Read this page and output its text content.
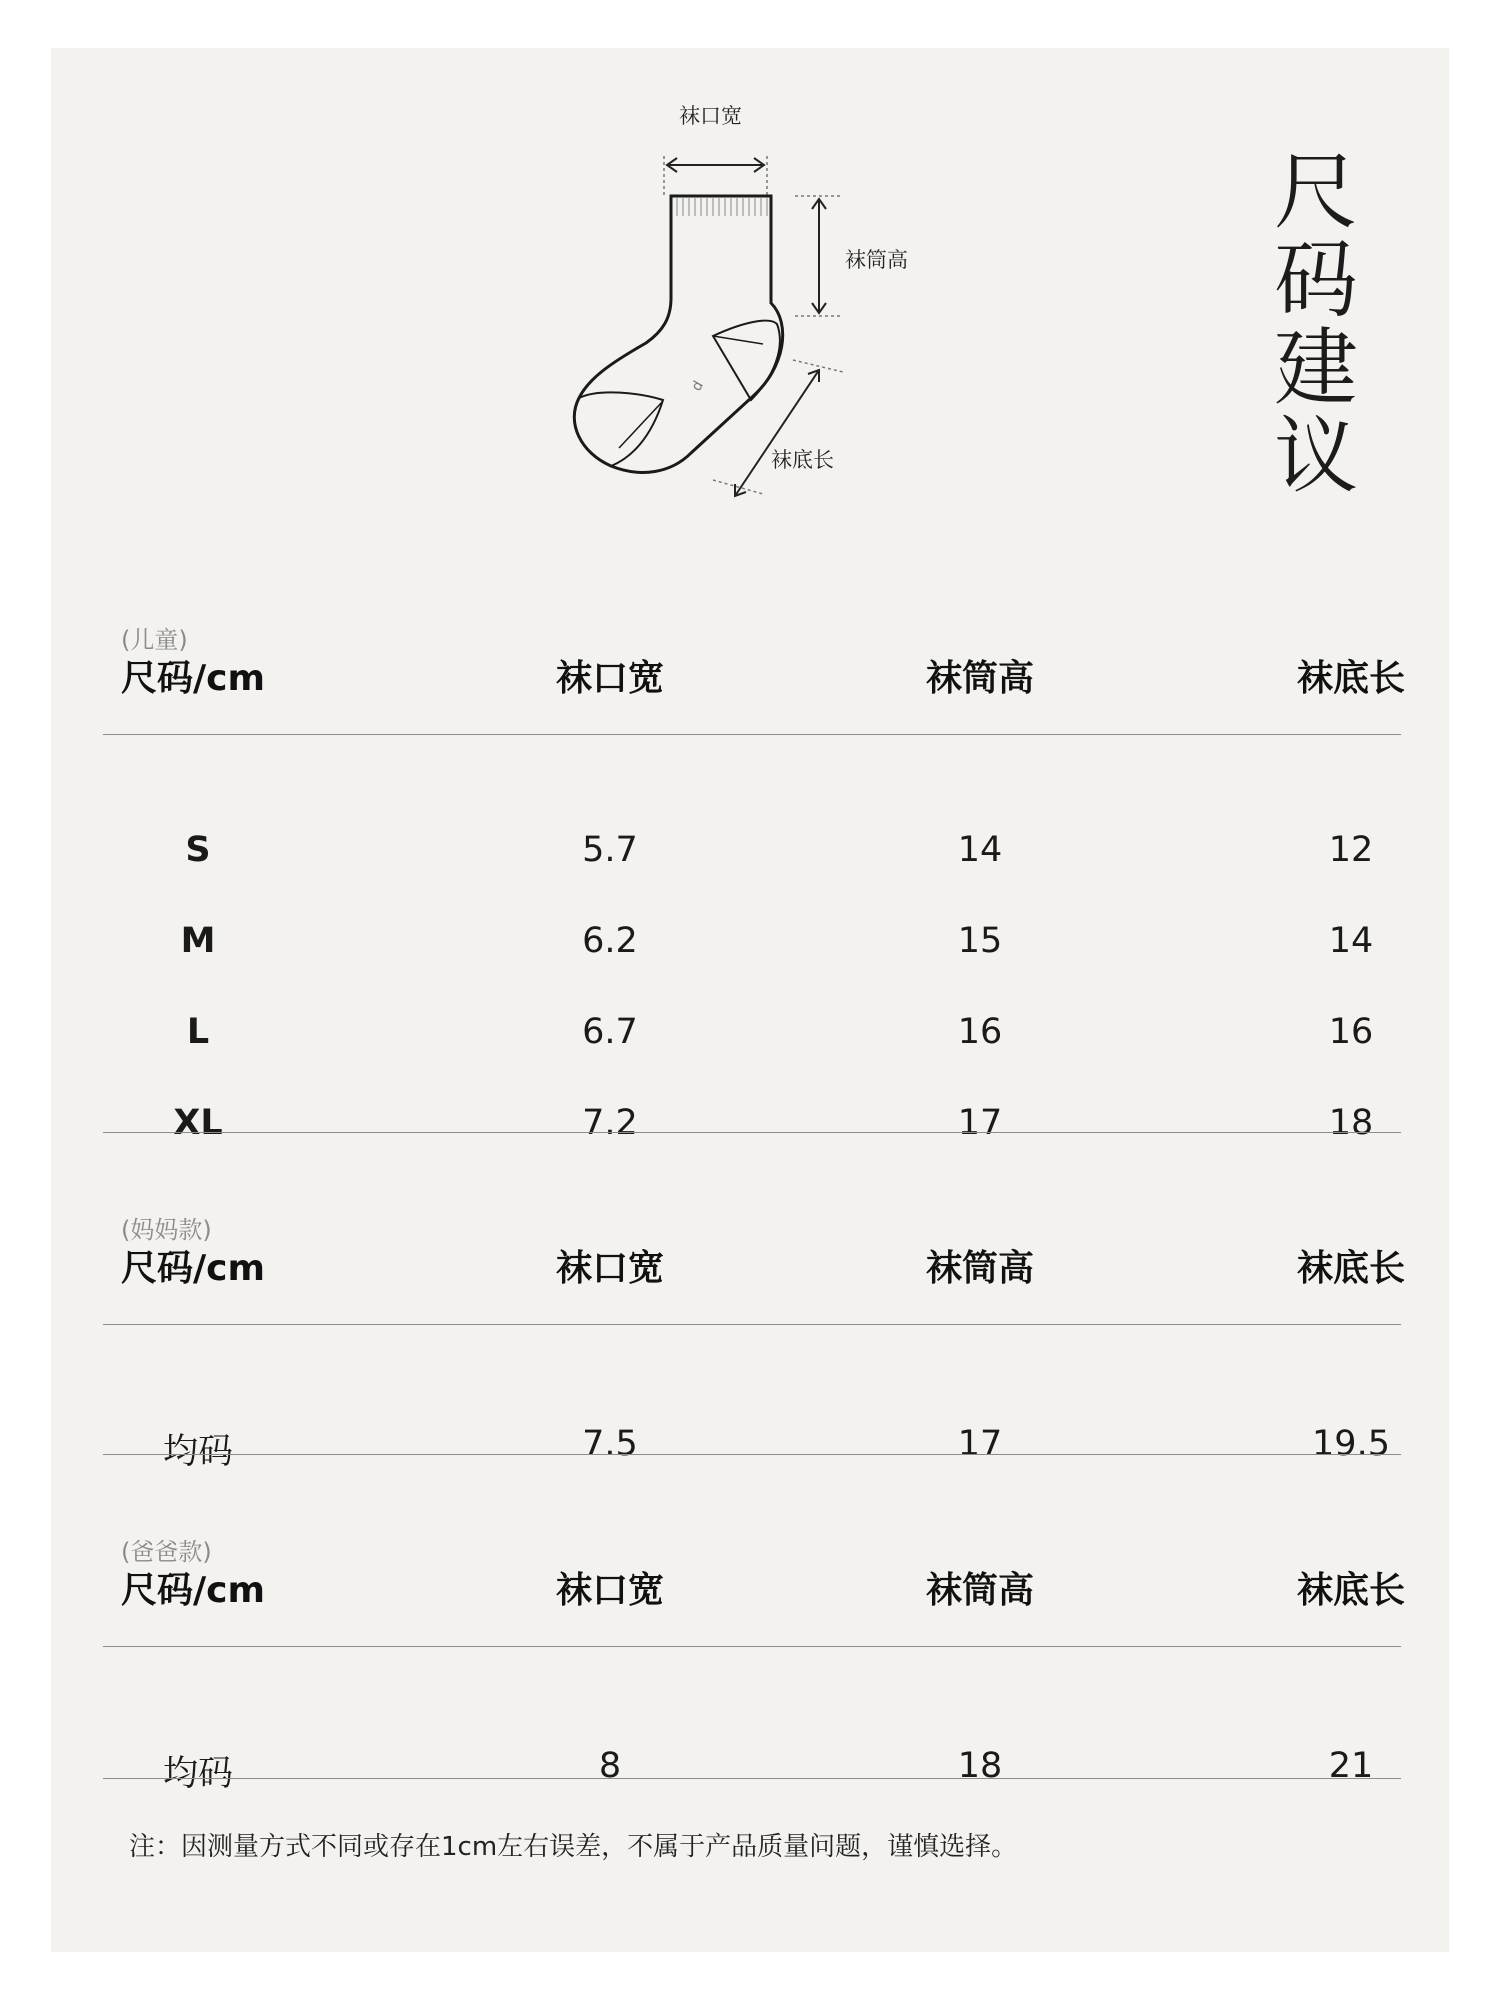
d
袜口宽
袜筒高
袜底长
尺码建议
(儿童)
尺码/cm	袜口宽	袜筒高	袜底长
S	5.7	14	12
M	6.2	15	14
L	6.7	16	16
XL	7.2	17	18
(妈妈款)
尺码/cm	袜口宽	袜筒高	袜底长
均码	7.5	17	19.5
(爸爸款)
尺码/cm	袜口宽	袜筒高	袜底长
均码	8	18	21
注：因测量方式不同或存在1cm左右误差，不属于产品质量问题，谨慎选择。
